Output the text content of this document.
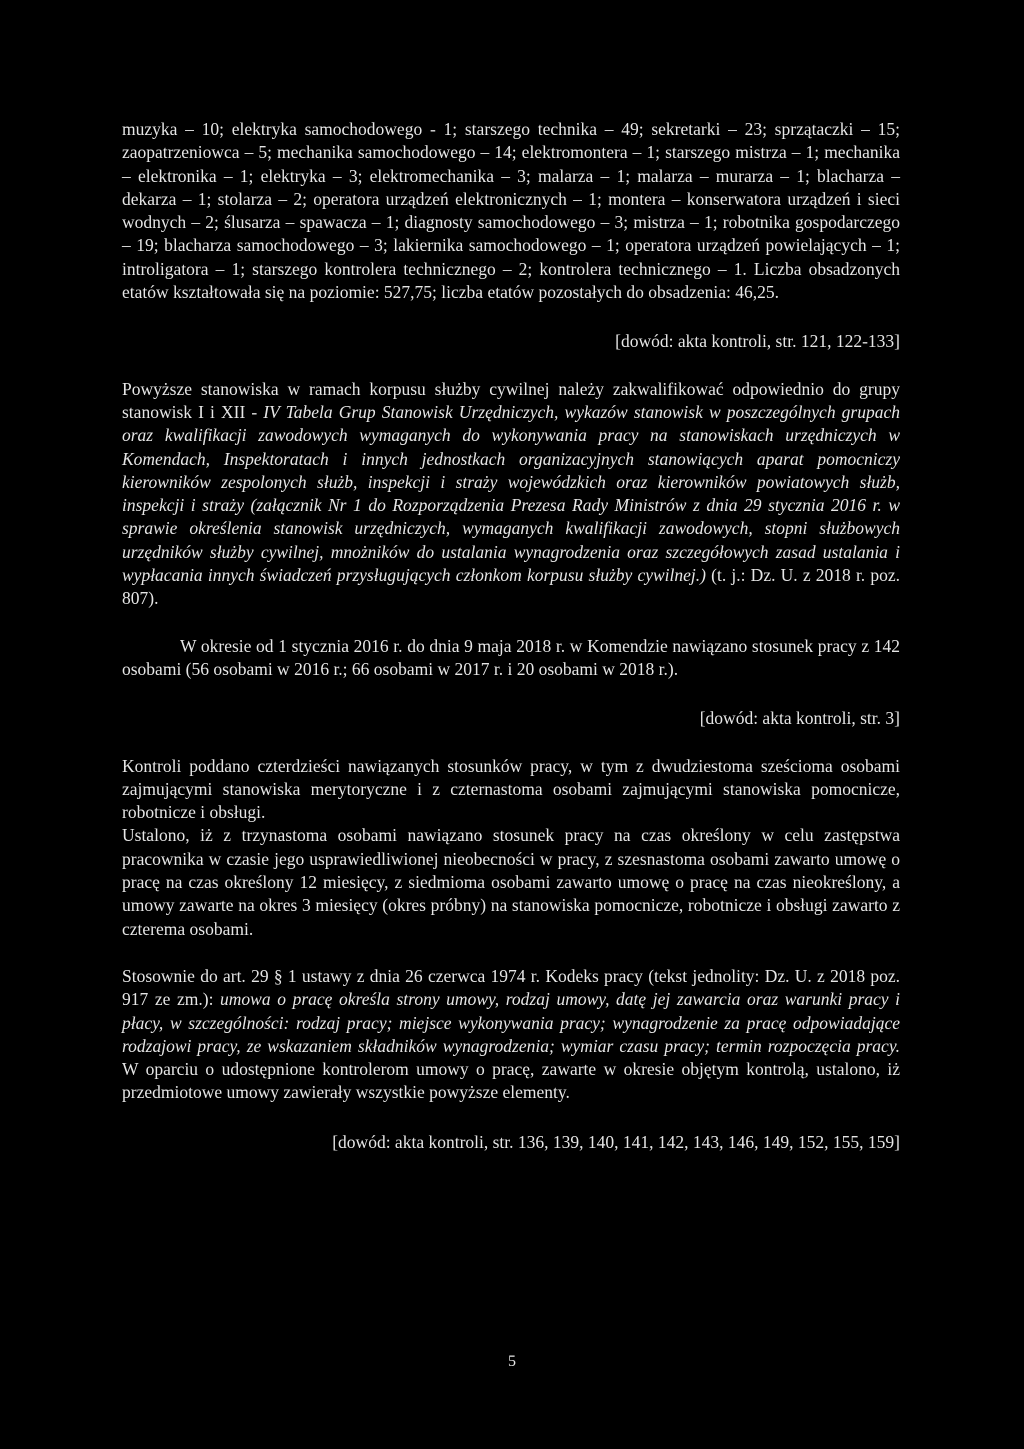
muzyka – 10; elektryka samochodowego - 1; starszego technika – 49; sekretarki – 23; sprzątaczki – 15; zaopatrzeniowca – 5; mechanika samochodowego – 14; elektromontera – 1; starszego mistrza – 1; mechanika – elektronika – 1; elektryka – 3; elektromechanika – 3; malarza – 1; malarza – murarza – 1; blacharza – dekarza – 1; stolarza – 2; operatora urządzeń elektronicznych – 1; montera – konserwatora urządzeń i sieci wodnych – 2; ślusarza – spawacza – 1; diagnosty samochodowego – 3; mistrza – 1; robotnika gospodarczego – 19; blacharza samochodowego – 3; lakiernika samochodowego – 1; operatora urządzeń powielających – 1; introligatora – 1; starszego kontrolera technicznego – 2; kontrolera technicznego – 1. Liczba obsadzonych etatów kształtowała się na poziomie: 527,75; liczba etatów pozostałych do obsadzenia: 46,25.

[dowód: akta kontroli, str. 121, 122-133]

Powyższe stanowiska w ramach korpusu służby cywilnej należy zakwalifikować odpowiednio do grupy stanowisk I i XII - IV Tabela Grup Stanowisk Urzędniczych, wykazów stanowisk w poszczególnych grupach oraz kwalifikacji zawodowych wymaganych do wykonywania pracy na stanowiskach urzędniczych w Komendach, Inspektoratach i innych jednostkach organizacyjnych stanowiących aparat pomocniczy kierowników zespolonych służb, inspekcji i straży wojewódzkich oraz kierowników powiatowych służb, inspekcji i straży (załącznik Nr 1 do Rozporządzenia Prezesa Rady Ministrów z dnia 29 stycznia 2016 r. w sprawie określenia stanowisk urzędniczych, wymaganych kwalifikacji zawodowych, stopni służbowych urzędników służby cywilnej, mnożników do ustalania wynagrodzenia oraz szczegółowych zasad ustalania i wypłacania innych świadczeń przysługujących członkom korpusu służby cywilnej.) (t. j.: Dz. U. z 2018 r. poz. 807).

W okresie od 1 stycznia 2016 r. do dnia 9 maja 2018 r. w Komendzie nawiązano stosunek pracy z 142 osobami (56 osobami w 2016 r.; 66 osobami w 2017 r. i 20 osobami w 2018 r.).

[dowód: akta kontroli, str. 3]

Kontroli poddano czterdzieści nawiązanych stosunków pracy, w tym z dwudziestoma sześcioma osobami zajmującymi stanowiska merytoryczne i z czternastoma osobami zajmującymi stanowiska pomocnicze, robotnicze i obsługi.

Ustalono, iż z trzynastoma osobami nawiązano stosunek pracy na czas określony w celu zastępstwa pracownika w czasie jego usprawiedliwionej nieobecności w pracy, z szesnastoma osobami zawarto umowę o pracę na czas określony 12 miesięcy, z siedmioma osobami zawarto umowę o pracę na czas nieokreślony, a umowy zawarte na okres 3 miesięcy (okres próbny) na stanowiska pomocnicze, robotnicze i obsługi zawarto z czterema osobami.

Stosownie do art. 29 § 1 ustawy z dnia 26 czerwca 1974 r. Kodeks pracy (tekst jednolity: Dz. U. z 2018 poz. 917 ze zm.): umowa o pracę określa strony umowy, rodzaj umowy, datę jej zawarcia oraz warunki pracy i płacy, w szczególności: rodzaj pracy; miejsce wykonywania pracy; wynagrodzenie za pracę odpowiadające rodzajowi pracy, ze wskazaniem składników wynagrodzenia; wymiar czasu pracy; termin rozpoczęcia pracy. W oparciu o udostępnione kontrolerom umowy o pracę, zawarte w okresie objętym kontrolą, ustalono, iż przedmiotowe umowy zawierały wszystkie powyższe elementy.

[dowód: akta kontroli, str. 136, 139, 140, 141, 142, 143, 146, 149, 152, 155, 159]

5
